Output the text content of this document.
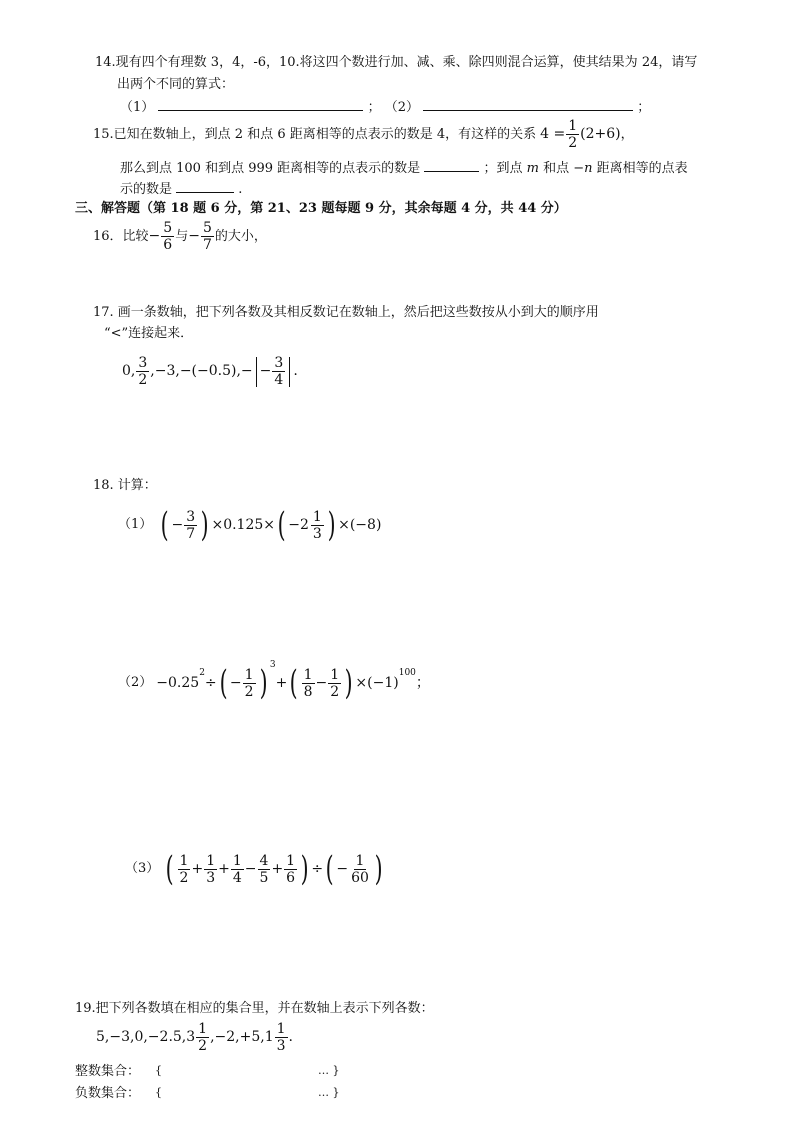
14.现有四个有理数 3，4，-6，10.将这四个数进行加、减、乘、除四则混合运算，使其结果为 24，请写
出两个不同的算式：
（1）	； （2）	；
15.已知在数轴上，到点 2 和点 6 距离相等的点表示的数是 4，有这样的关系 $4 = \frac{1}{2} (2+6)$ ，
那么到点 100 和到点 999 距离相等的点表示的数是	；到点 m 和点 −n 距离相等的点表
示的数是	.
三、解答题（第 18 题 6 分，第 21、23 题每题 9 分，其余每题 4 分，共 44 分）
16．比较 − $\frac{5}{6}$ 与 − $\frac{5}{7}$ 的大小，
17. 画一条数轴，把下列各数及其相反数记在数轴上，然后把这些数按从小到大的顺序用
“<”连接起来．
0, $\frac{3}{2} ,-3,-(-0.5),- - \frac{3}{4}$ .
18. 计算：
（1） ( − $\frac{3}{7}$ ) ×0.125× ( $-2 \frac{1}{3}$ ) ×(−8)
（2） −0.25
2
÷ ( − $\frac{1}{2}$ ) 3
+ ( $\frac{1}{8} - \frac{1}{2}$ ) × (−1)
100
；
（3） ( $\frac{1}{2} + \frac{1}{3} + \frac{1}{4} - \frac{4}{5} + \frac{1}{6}$ ) ÷ ( − $\frac{1}{60}$ )
19.把下列各数填在相应的集合里，并在数轴上表示下列各数：
$5,-3,0,-2.5,3 \frac{1}{2} ,-2,+5,1 \frac{1}{3}$ .
整数集合： {	… }
负数集合： {	… }
